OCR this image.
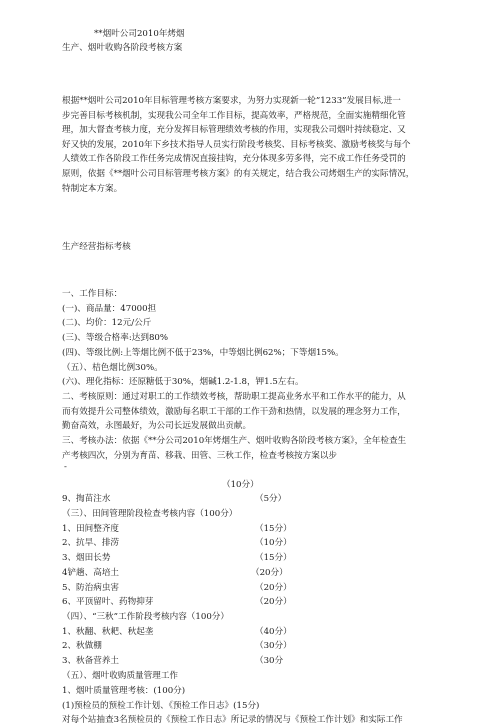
**烟叶公司2010年烤烟
生产、烟叶收购各阶段考核方案
根据**烟叶公司2010年目标管理考核方案要求，为努力实现新一轮”1233”发展目标,进一
步完善目标考核机制，实现我公司全年工作目标，提高效率，严格规范，全面实施精细化管
理，加大督查考核力度，充分发挥目标管理绩效考核的作用，实现我公司烟叶持续稳定、又
好又快的发展，2010年下乡技术指导人员实行阶段考核奖、目标考核奖、激励考核奖与每个
人绩效工作各阶段工作任务完成情况直接挂钩，充分体现多劳多得，完不成工作任务受罚的
原则，依据《**烟叶公司目标管理考核方案》的有关规定，结合我公司烤烟生产的实际情况，
特制定本方案。
生产经营指标考核
一、工作目标：
(一)、商品量：47000担
(二)、均价：12元/公斤
(三)、等级合格率:达到80%
(四)、等级比例:上等烟比例不低于23%，中等烟比例62%；下等烟15%。
（五）、桔色烟比例30%。
(六)、理化指标：还原糖低于30%，烟碱1.2-1.8，钾1.5左右。
二、考核原则：通过对职工的工作绩效考核，帮助职工提高业务水平和工作水平的能力，从
而有效提升公司整体绩效，激励每名职工干部的工作干劲和热情，以发展的理念努力工作，
勤奋高效，永图最好，为公司长远发展做出贡献。
三、考核办法：依据《**分公司2010年烤烟生产、烟叶收购各阶段考核方案》，全年检查生
产考核四次，分别为育苗、移栽、田管、三秋工作，检查考核按方案以步
-
（10分）
9、掏苗注水	（5分）
（三）、田间管理阶段检查考核内容（100分）
1、田间整齐度	（15分）
2、抗旱、排涝	（10分）
3、烟田长势	（15分）
4铲趟、高培土	（20分）
5、防治病虫害	（20分）
6、平顶留叶、药物抑芽	（20分）
（四）、“三秋”工作阶段考核内容（100分）
1、秋翻、秋耙、秋起垄	（40分）
2、秋做棚	（30分）
3、秋备营养土	（30分
（五）、烟叶收购质量管理工作
1、烟叶质量管理考核：(100分)
(1)预检员的预检工作计划、《预检工作日志》(15分)
对每个站抽查3名预检员的《预检工作日志》所记录的情况与《预检工作计划》和实际工作
